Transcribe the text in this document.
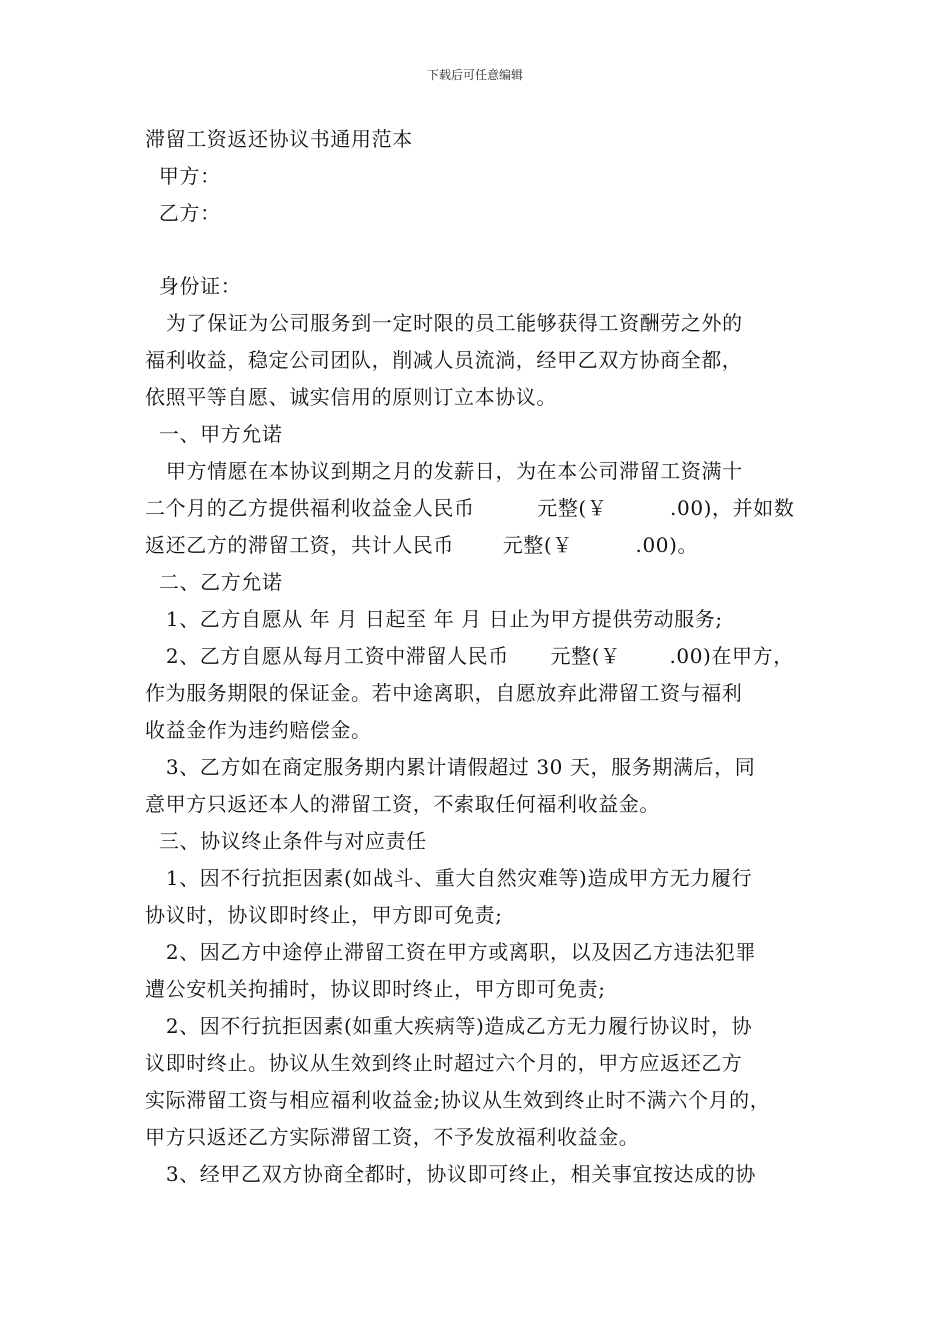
下载后可任意编辑
滞留工资返还协议书通用范本
甲方：
乙方：
身份证：
为了保证为公司服务到一定时限的员工能够获得工资酬劳之外的
福利收益，稳定公司团队，削减人员流淌，经甲乙双方协商全都，
依照平等自愿、诚实信用的原则订立本协议。
一、甲方允诺
甲方情愿在本协议到期之月的发薪日，为在本公司滞留工资满十
二个月的乙方提供福利收益金人民币         元整(￥         .00)，并如数
返还乙方的滞留工资，共计人民币       元整(￥         .00)。
二、乙方允诺
1、乙方自愿从 年 月 日起至 年 月 日止为甲方提供劳动服务;
2、乙方自愿从每月工资中滞留人民币      元整(￥       .00)在甲方，
作为服务期限的保证金。若中途离职，自愿放弃此滞留工资与福利
收益金作为违约赔偿金。
3、乙方如在商定服务期内累计请假超过 30 天，服务期满后，同
意甲方只返还本人的滞留工资，不索取任何福利收益金。
三、协议终止条件与对应责任
1、因不行抗拒因素(如战斗、重大自然灾难等)造成甲方无力履行
协议时，协议即时终止，甲方即可免责;
2、因乙方中途停止滞留工资在甲方或离职，以及因乙方违法犯罪
遭公安机关拘捕时，协议即时终止，甲方即可免责;
2、因不行抗拒因素(如重大疾病等)造成乙方无力履行协议时，协
议即时终止。协议从生效到终止时超过六个月的，甲方应返还乙方
实际滞留工资与相应福利收益金;协议从生效到终止时不满六个月的，
甲方只返还乙方实际滞留工资，不予发放福利收益金。
3、经甲乙双方协商全都时，协议即可终止，相关事宜按达成的协
